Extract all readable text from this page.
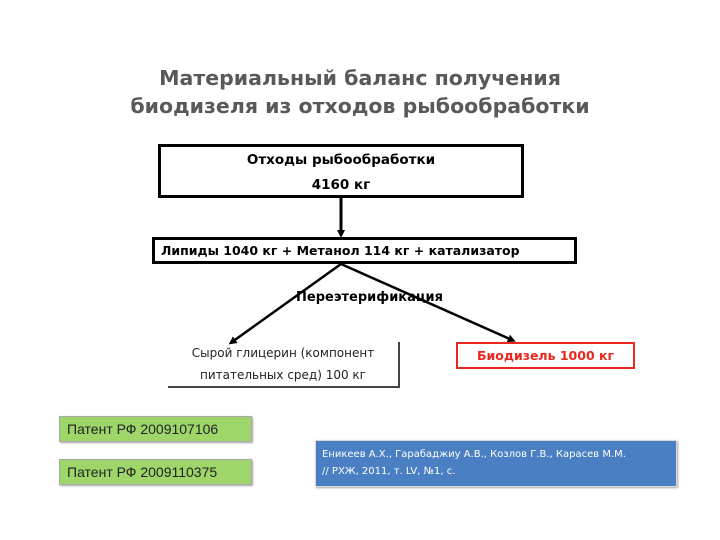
Материальный баланс получения
биодизеля из отходов рыбообработки
Отходы рыбообработки
4160 кг
Липиды 1040 кг + Метанол 114 кг + катализатор
Переэтерификация
Сырой глицерин (компонент
питательных сред) 100 кг
Биодизель 1000 кг
Патент РФ 2009107106
Патент РФ 2009110375
Еникеев А.Х., Гарабаджиу А.В., Козлов Г.В., Карасев М.М.
// РХЖ, 2011, т. LV, №1, с.
